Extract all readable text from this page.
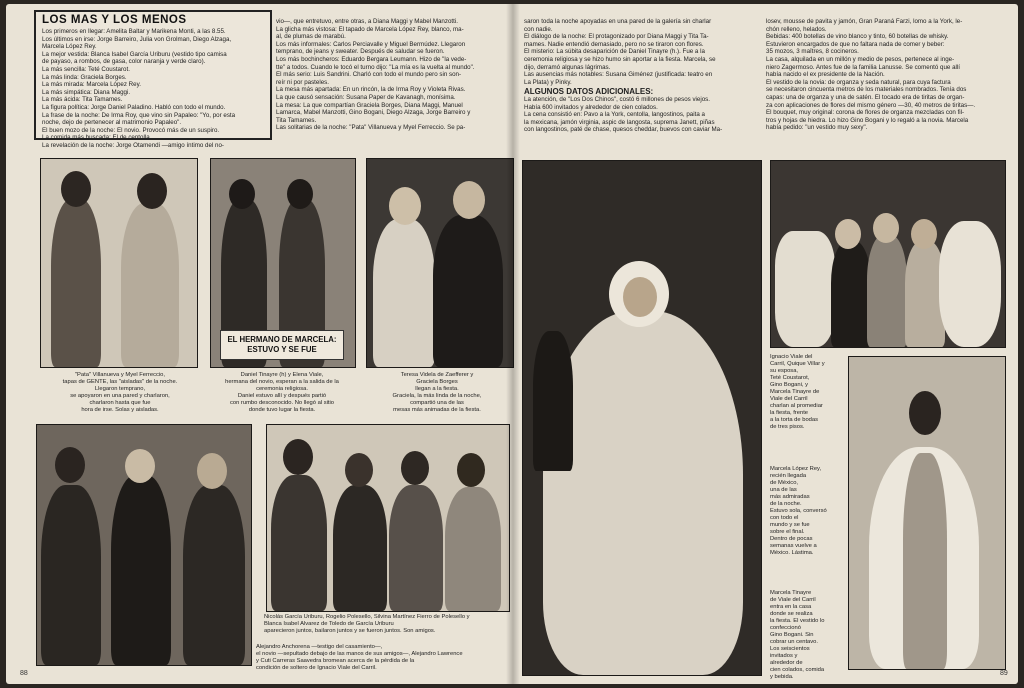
LOS MAS Y LOS MENOS
Los primeros en llegar: Amelita Baltar y Marikena Monti, a las 8.55.
Los últimos en irse: Jorge Barreiro, Julia von Grolman, Diego Alzaga,
Marcela López Rey.
La mejor vestida: Blanca Isabel García Uriburu (vestido tipo camisa
de payaso, a rombos, de gasa, color naranja y verde claro).
La más sencilla: Teté Coustarot.
La más linda: Graciela Borges.
La más mirada: Marcela López Rey.
La más simpática: Diana Maggi.
La más ácida: Tita Tamames.
La figura política: Jorge Daniel Paladino. Habló con todo el mundo.
La frase de la noche: De Irma Roy, que vino sin Papaleo: "Yo, por esta
noche, dejo de pertenecer al matrimonio Papaleo".
El buen mozo de la noche: El novio. Provocó más de un suspiro.
La comida más buscada: El de centolla.
La revelación de la noche: Jorge Otamendi —amigo íntimo del no-
vio—, que entretuvo, entre otras, a Diana Maggi y Mabel Manzotti.
La glicha más vistosa: El tapado de Marcela López Rey, blanco, ma-
al, de plumas de marabú.
Los más informales: Carlos Perciavalle y Miguel Bermúdez. Llegaron
temprano, de jeans y sweater. Después de saludar se fueron.
Los más bochincheros: Eduardo Bergara Leumann. Hizo de "la vede-
tte" a todos. Cuando le tocó el turno dijo: "La mía es la vuelta al mundo".
El más serio: Luis Sandrini. Charló con todo el mundo pero sin son-
reír ni por pasteles.
La mesa más apartada: En un rincón, la de Irma Roy y Violeta Rivas.
La que causó sensación: Susana Paper de Kavanagh, monísima.
La mesa: La que compartían Graciela Borges, Diana Maggi, Manuel
Lamarca, Mabel Manzotti, Gino Bogani, Diego Alzaga, Jorge Barreiro y
Tita Tamames.
Las solitarias de la noche: "Pata" Villanueva y Myel Ferreccio. Se pa-
EL HERMANO DE MARCELA:
ESTUVO Y SE FUE
"Pata" Villanueva y Myel Ferreccio,
tapas de GENTE, las "aisladas" de la noche.
Llegaron temprano,
se apoyaron en una pared y charlaron,
charlaron hasta que fue
hora de irse. Solas y aisladas.
Daniel Tinayre (h) y Elena Viale,
hermana del novio, esperan a la salida de la
ceremonia religiosa.
Daniel estuvo allí y después partió
con rumbo desconocido. No llegó al sitio
donde tuvo lugar la fiesta.
Teresa Videla de Zaefferer y
Graciela Borges
llegan a la fiesta.
Graciela, la más linda de la noche,
compartió una de las
mesas más animadas de la fiesta.
Nicolás García Uriburu, Rogelio Polesello, Silvina Martínez Fierro de Polesello y
Blanca Isabel Alvarez de Toledo de García Uriburu
aparecieron juntos, bailaron juntos y se fueron juntos. Son amigos.
Alejandro Anchorena —testigo del casamiento—,
el novio —sepultado debajo de las manos de sus amigos—, Alejandro Lawrence
y Cuti Carreras Saavedra bromean acerca de la pérdida de la
condición de soltero de Ignacio Viale del Carril.
88
saron toda la noche apoyadas en una pared de la galería sin charlar
con nadie.
El diálogo de la noche: El protagonizado por Diana Maggi y Tita Ta-
mames. Nadie entendió demasiado, pero no se tiraron con flores.
El misterio: La súbita desaparición de Daniel Tinayre (h.). Fue a la
ceremonia religiosa y se hizo humo sin aportar a la fiesta. Marcela, se
dijo, derramó algunas lágrimas.
Las ausencias más notables: Susana Giménez (justificada: teatro en
La Plata) y Pinky.
ALGUNOS DATOS ADICIONALES:
La atención, de "Los Dos Chinos", costó 6 millones de pesos viejos.
Había 600 invitados y alrededor de cien colados.
La cena consistió en: Pavo a la York, centolla, langostinos, paita a
la mexicana, jamón virginia, aspic de langosta, suprema Janett, piñas
con langostinos, paté de chase, quesos cheddar, buevos con caviar Ma-
losev, mousse de pavita y jamón, Gran Paraná Farzi, lomo a la York, le-
chón relleno, helados.
Bebidas: 400 botellas de vino blanco y tinto, 60 botellas de whisky.
Estuvieron encargados de que no faltara nada de comer y beber:
35 mozos, 3 maîtres, 8 cocineros.
La casa, alquilada en un millón y medio de pesos, pertenece al inge-
niero Zagermoso. Antes fue de la familia Lanusse. Se comentó que allí
había nacido el ex presidente de la Nación.
El vestido de la novia: de organza y seda natural, para cuya factura
se necesitaron cincuenta metros de los materiales nombrados. Tenía dos
capas: una de organza y una de satén. El tocado era de tiritas de organ-
za con aplicaciones de flores del mismo género —30, 40 metros de tiritas—.
El bouquet, muy original: corona de flores de organza mezcladas con fil-
tros y hojas de hiedra. Lo hizo Gino Bogani y lo regaló a la novia. Marcela
había pedido: "un vestido muy sexy".
Ignacio Viale del
Carril, Quique Villar y
su esposa,
Teté Coustarot,
Gino Bogani, y
Marcela Tinayre de
Viale del Carril
charlan al promediar
la fiesta, frente
a la torta de bodas
de tres pisos.
Marcela López Rey,
recién llegada
de México,
una de las
más admiradas
de la noche.
Estuvo sola, conversó
con todo el
mundo y se fue
sobre el final.
Dentro de pocas
semanas vuelve a
México. Lástima.
Marcela Tinayre
de Viale del Carril
entra en la casa
donde se realiza
la fiesta. El vestido lo
confeccionó
Gino Bogani. Sin
cobrar un centavo.
Los seiscientos
invitados y
alrededor de
cien colados, comida
y bebida.	89
